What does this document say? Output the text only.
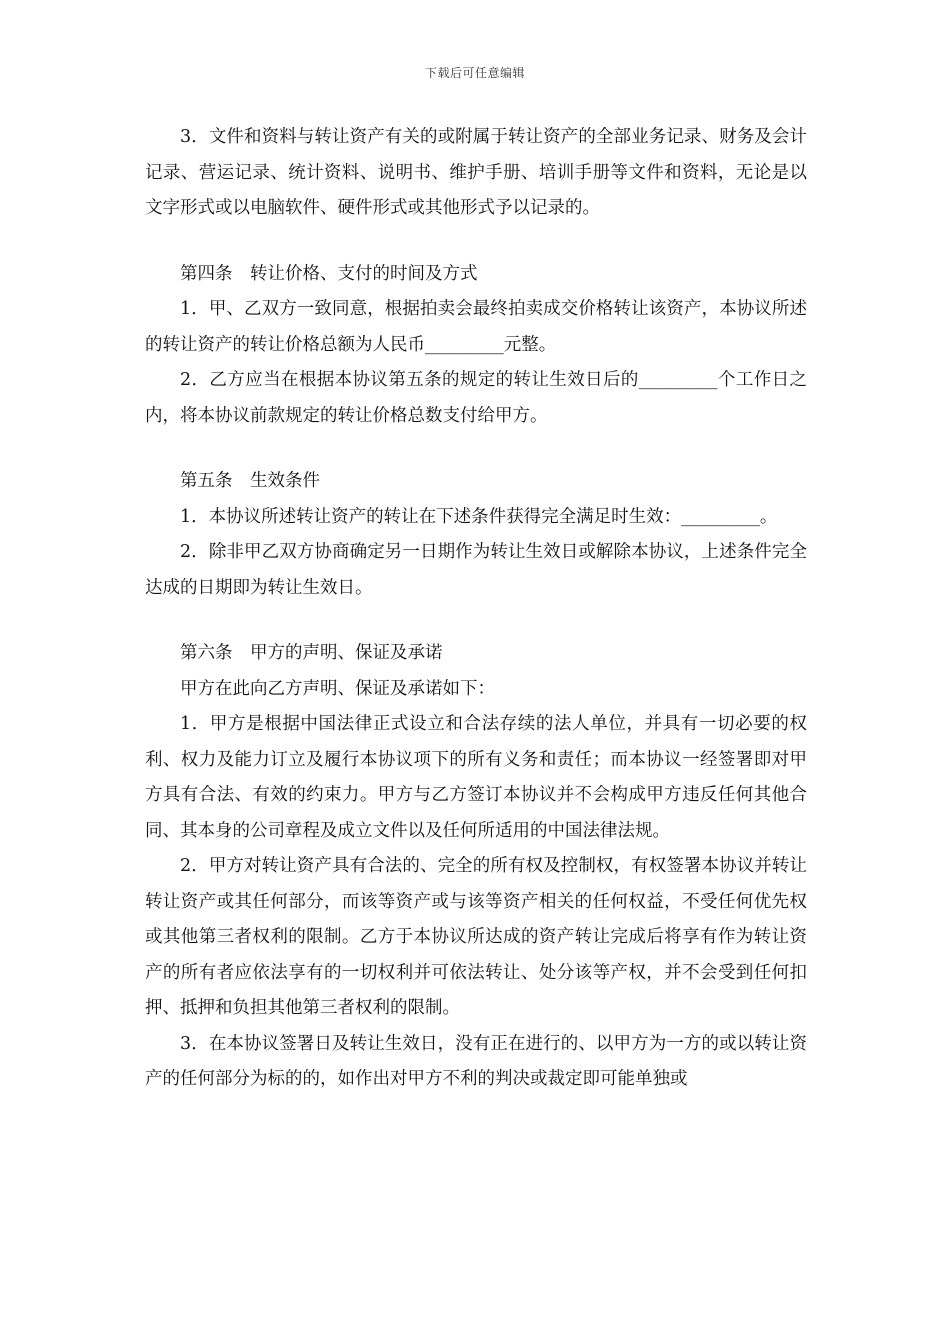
下载后可任意编辑

3．文件和资料与转让资产有关的或附属于转让资产的全部业务记录、财务及会计记录、营运记录、统计资料、说明书、维护手册、培训手册等文件和资料，无论是以文字形式或以电脑软件、硬件形式或其他形式予以记录的。

第四条　转让价格、支付的时间及方式

1．甲、乙双方一致同意，根据拍卖会最终拍卖成交价格转让该资产，本协议所述的转让资产的转让价格总额为人民币_________元整。

2．乙方应当在根据本协议第五条的规定的转让生效日后的_________个工作日之内，将本协议前款规定的转让价格总数支付给甲方。

第五条　生效条件

1．本协议所述转让资产的转让在下述条件获得完全满足时生效：_________。

2．除非甲乙双方协商确定另一日期作为转让生效日或解除本协议，上述条件完全达成的日期即为转让生效日。

第六条　甲方的声明、保证及承诺

甲方在此向乙方声明、保证及承诺如下：

1．甲方是根据中国法律正式设立和合法存续的法人单位，并具有一切必要的权利、权力及能力订立及履行本协议项下的所有义务和责任；而本协议一经签署即对甲方具有合法、有效的约束力。甲方与乙方签订本协议并不会构成甲方违反任何其他合同、其本身的公司章程及成立文件以及任何所适用的中国法律法规。

2．甲方对转让资产具有合法的、完全的所有权及控制权，有权签署本协议并转让转让资产或其任何部分，而该等资产或与该等资产相关的任何权益，不受任何优先权或其他第三者权利的限制。乙方于本协议所达成的资产转让完成后将享有作为转让资产的所有者应依法享有的一切权利并可依法转让、处分该等产权，并不会受到任何扣押、抵押和负担其他第三者权利的限制。

3．在本协议签署日及转让生效日，没有正在进行的、以甲方为一方的或以转让资产的任何部分为标的的，如作出对甲方不利的判决或裁定即可能单独或
